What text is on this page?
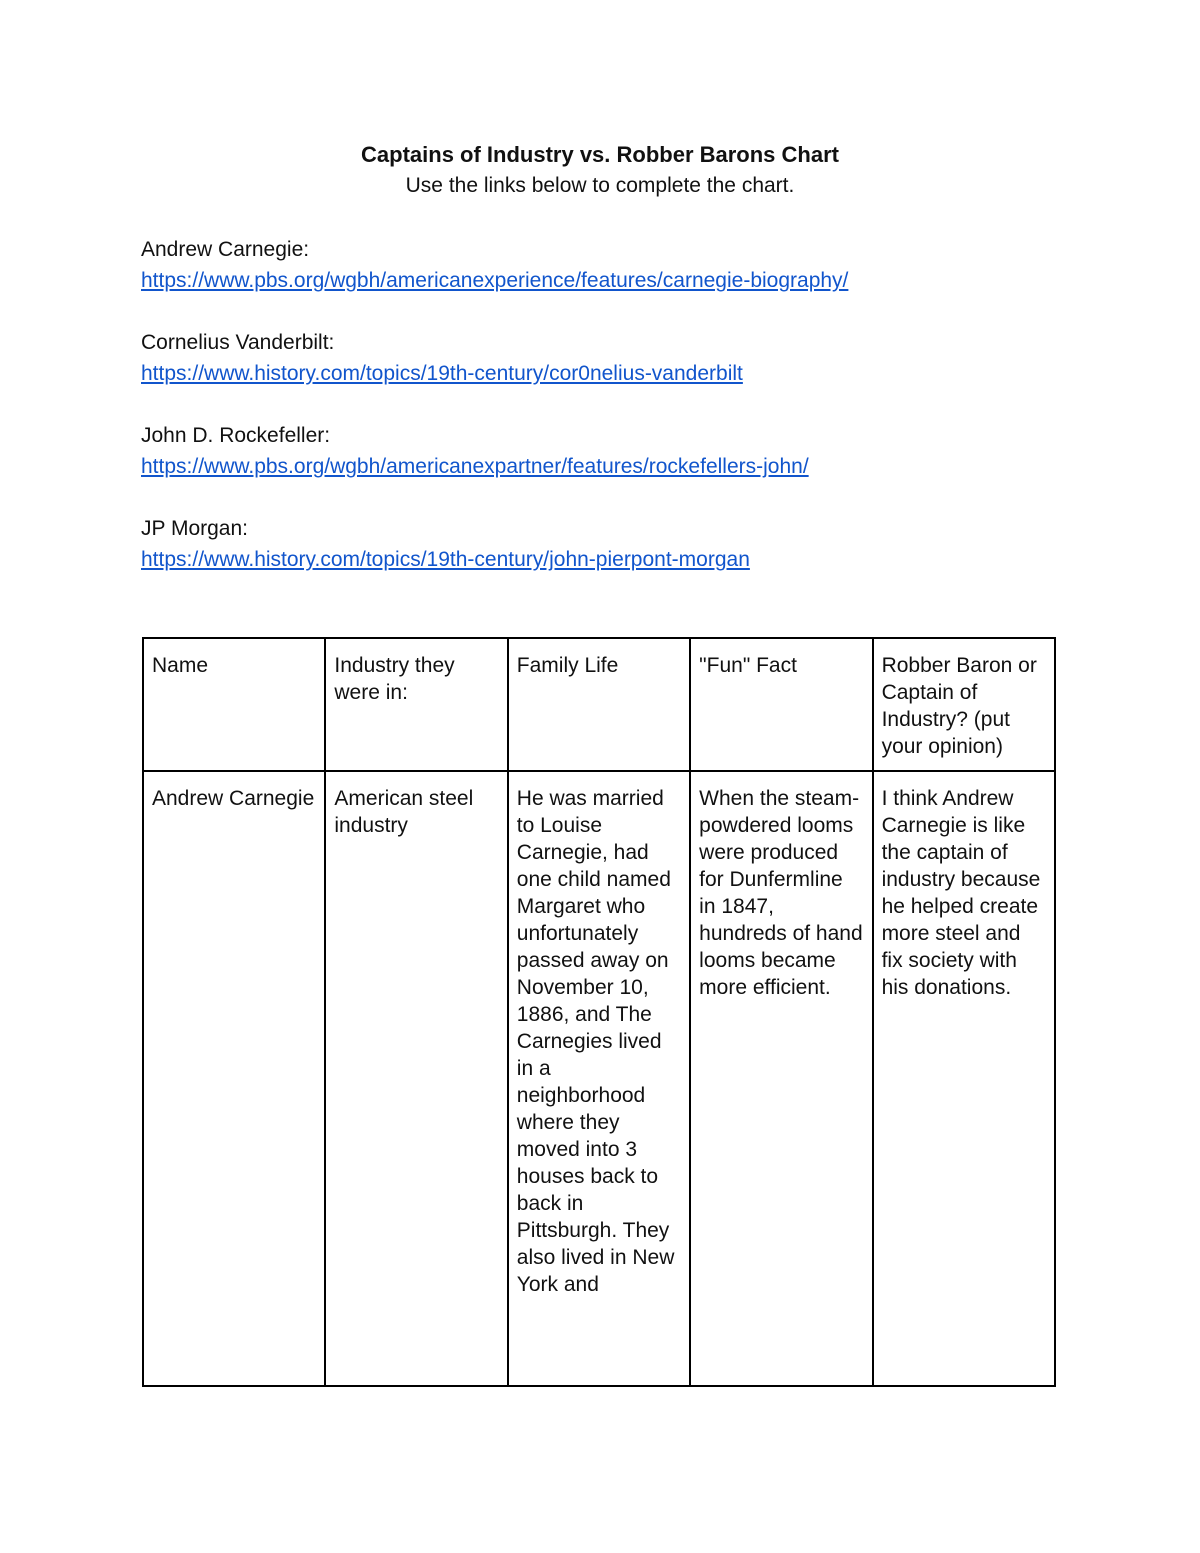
Captains of Industry vs. Robber Barons Chart
Use the links below to complete the chart.
Andrew Carnegie:
https://www.pbs.org/wgbh/americanexperience/features/carnegie-biography/
Cornelius Vanderbilt:
https://www.history.com/topics/19th-century/cor0nelius-vanderbilt
John D. Rockefeller:
https://www.pbs.org/wgbh/americanexpartner/features/rockefellers-john/
JP Morgan:
https://www.history.com/topics/19th-century/john-pierpont-morgan
Name	Industry they were in:	Family Life	"Fun" Fact	Robber Baron or Captain of Industry? (put your opinion)
Andrew Carnegie	American steel industry	He was married to Louise Carnegie, had one child named Margaret who unfortunately passed away on November 10, 1886, and The Carnegies lived in a neighborhood where they moved into 3 houses back to back in Pittsburgh. They also lived in New York and	When the steam-powdered looms were produced for Dunfermline in 1847, hundreds of hand looms became more efficient.	I think Andrew Carnegie is like the captain of industry because he helped create more steel and fix society with his donations.
